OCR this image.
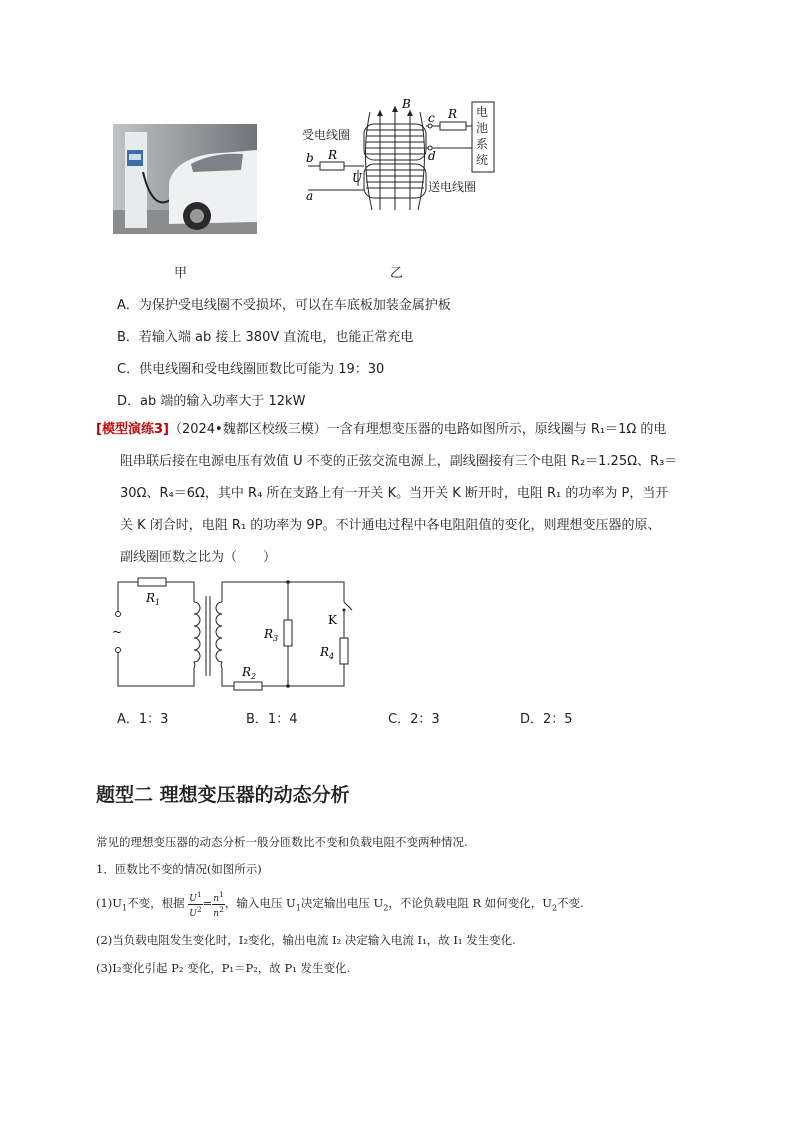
B
R
b
a
c
d
R
U
电池系统
受电线圈
送电线圈
甲	乙
A．为保护受电线圈不受损坏，可以在车底板加装金属护板
B．若输入端 ab 接上 380V 直流电，也能正常充电
C．供电线圈和受电线圈匝数比可能为 19：30
D．ab 端的输入功率大于 12kW
[模型演练3]（2024•魏都区校级三模）一含有理想变压器的电路如图所示，原线圈与 R₁＝1Ω 的电
阻串联后接在电源电压有效值 U 不变的正弦交流电源上，副线圈接有三个电阻 R₂＝1.25Ω、R₃＝
30Ω、R₄＝6Ω，其中 R₄ 所在支路上有一开关 K。当开关 K 断开时，电阻 R₁ 的功率为 P，当开
关 K 闭合时，电阻 R₁ 的功率为 9P。不计通电过程中各电阻阻值的变化，则理想变压器的原、
副线圈匝数之比为（　　）
~
$R_1$
$R_2$
$R_3$
$R_4$
K
A．1：3	B．1：4	C．2：3	D．2：5
题型二 理想变压器的动态分析
常见的理想变压器的动态分析一般分匝数比不变和负载电阻不变两种情况.
1．匝数比不变的情况(如图所示)
$(1)U_1$不变，根据 $\frac{U^1}{U^2} = \frac{n^1}{n^2}$ ，输入电压 $U_1$决定输出电压 $U_2$，不论负载电阻 R 如何变化，$U_2$不变.
(2)当负载电阻发生变化时，I₂变化，输出电流 I₂ 决定输入电流 I₁，故 I₁ 发生变化.
(3)I₂变化引起 P₂ 变化，P₁＝P₂，故 P₁ 发生变化.
